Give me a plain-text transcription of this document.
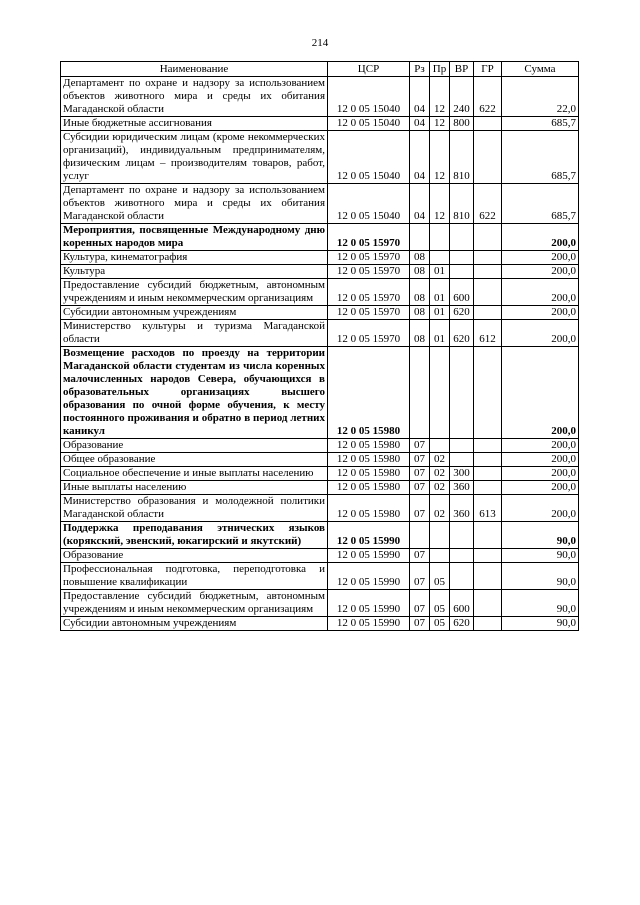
214
Наименование	ЦСР	Рз	Пр	ВР	ГР	Сумма
Департамент по охране и надзору за использованием объектов животного мира и среды их обитания Магаданской области	12 0 05 15040	04	12	240	622	22,0
Иные бюджетные ассигнования	12 0 05 15040	04	12	800		685,7
Субсидии юридическим лицам (кроме некоммерческих организаций), индивидуальным предпринимателям, физическим лицам – производителям товаров, работ, услуг	12 0 05 15040	04	12	810		685,7
Департамент по охране и надзору за использованием объектов животного мира и среды их обитания Магаданской области	12 0 05 15040	04	12	810	622	685,7
Мероприятия, посвященные Международному дню коренных народов мира	12 0 05 15970					200,0
Культура, кинематография	12 0 05 15970	08				200,0
Культура	12 0 05 15970	08	01			200,0
Предоставление субсидий бюджетным, автономным учреждениям и иным некоммерческим организациям	12 0 05 15970	08	01	600		200,0
Субсидии автономным учреждениям	12 0 05 15970	08	01	620		200,0
Министерство культуры и туризма Магаданской области	12 0 05 15970	08	01	620	612	200,0
Возмещение расходов по проезду на территории Магаданской области студентам из числа коренных малочисленных народов Севера, обучающихся в образовательных организациях высшего образования по очной форме обучения, к месту постоянного проживания и обратно в период летних каникул	12 0 05 15980					200,0
Образование	12 0 05 15980	07				200,0
Общее образование	12 0 05 15980	07	02			200,0
Социальное обеспечение и иные выплаты населению	12 0 05 15980	07	02	300		200,0
Иные выплаты населению	12 0 05 15980	07	02	360		200,0
Министерство образования и молодежной политики Магаданской области	12 0 05 15980	07	02	360	613	200,0
Поддержка преподавания этнических языков (корякский, эвенский, юкагирский и якутский)	12 0 05 15990					90,0
Образование	12 0 05 15990	07				90,0
Профессиональная подготовка, переподготовка и повышение квалификации	12 0 05 15990	07	05			90,0
Предоставление субсидий бюджетным, автономным учреждениям и иным некоммерческим организациям	12 0 05 15990	07	05	600		90,0
Субсидии автономным учреждениям	12 0 05 15990	07	05	620		90,0
